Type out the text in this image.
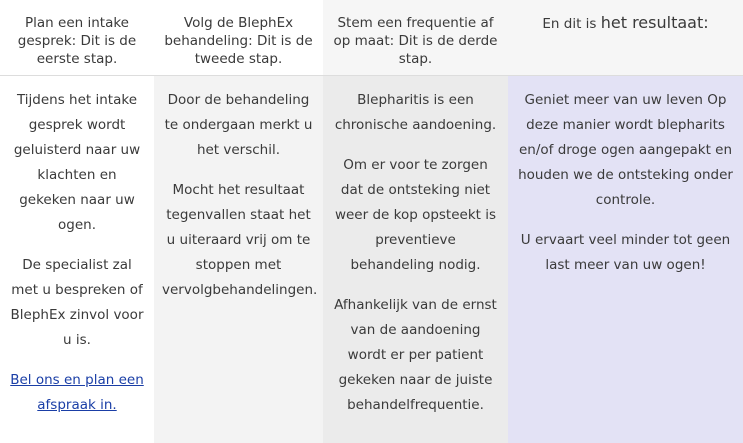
Plan een intake gesprek: Dit is de eerste stap.

Volg de BlephEx behandeling: Dit is de tweede stap.

Stem een frequentie af op maat: Dit is de derde stap.

En dit is het resultaat:

Tijdens het intake gesprek wordt geluisterd naar uw klachten en gekeken naar uw ogen.

De specialist zal met u bespreken of BlephEx zinvol voor u is.

Bel ons en plan een afspraak in.

Door de behandeling te ondergaan merkt u het verschil.

Mocht het resultaat tegenvallen staat het u uiteraard vrij om te stoppen met vervolgbehandelingen.

Blepharitis is een chronische aandoening.

Om er voor te zorgen dat de ontsteking niet weer de kop opsteekt is preventieve behandeling nodig.

Afhankelijk van de ernst van de aandoening wordt er per patient gekeken naar de juiste behandelfrequentie.

Geniet meer van uw leven Op deze manier wordt blepharits en/of droge ogen aangepakt en houden we de ontsteking onder controle.

U ervaart veel minder tot geen last meer van uw ogen!
